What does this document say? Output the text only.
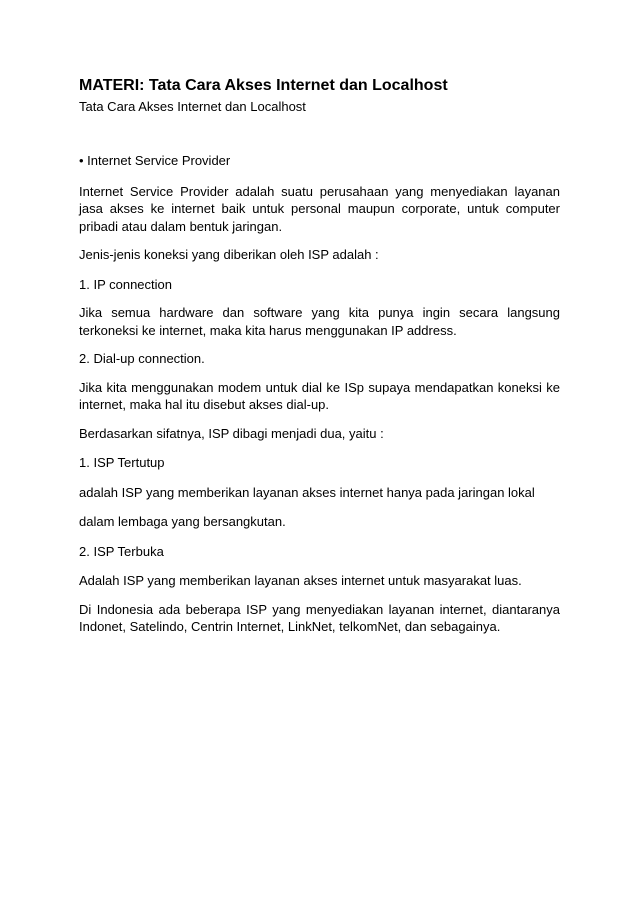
MATERI: Tata Cara Akses Internet dan Localhost

Tata Cara Akses Internet dan Localhost

• Internet Service Provider

Internet Service Provider adalah suatu perusahaan yang menyediakan layanan jasa akses ke internet baik untuk personal maupun corporate, untuk computer pribadi atau dalam bentuk jaringan.

Jenis-jenis koneksi yang diberikan oleh ISP adalah :

1. IP connection

Jika semua hardware dan software yang kita punya ingin secara langsung terkoneksi ke internet, maka kita harus menggunakan IP address.

2. Dial-up connection.

Jika kita menggunakan modem untuk dial ke ISp supaya mendapatkan koneksi ke internet, maka hal itu disebut akses dial-up.

Berdasarkan sifatnya, ISP dibagi menjadi dua, yaitu :

1. ISP Tertutup

adalah ISP yang memberikan layanan akses internet hanya pada jaringan lokal

dalam lembaga yang bersangkutan.

2. ISP Terbuka

Adalah ISP yang memberikan layanan akses internet untuk masyarakat luas.

Di Indonesia ada beberapa ISP yang menyediakan layanan internet, diantaranya Indonet, Satelindo, Centrin Internet, LinkNet, telkomNet, dan sebagainya.
